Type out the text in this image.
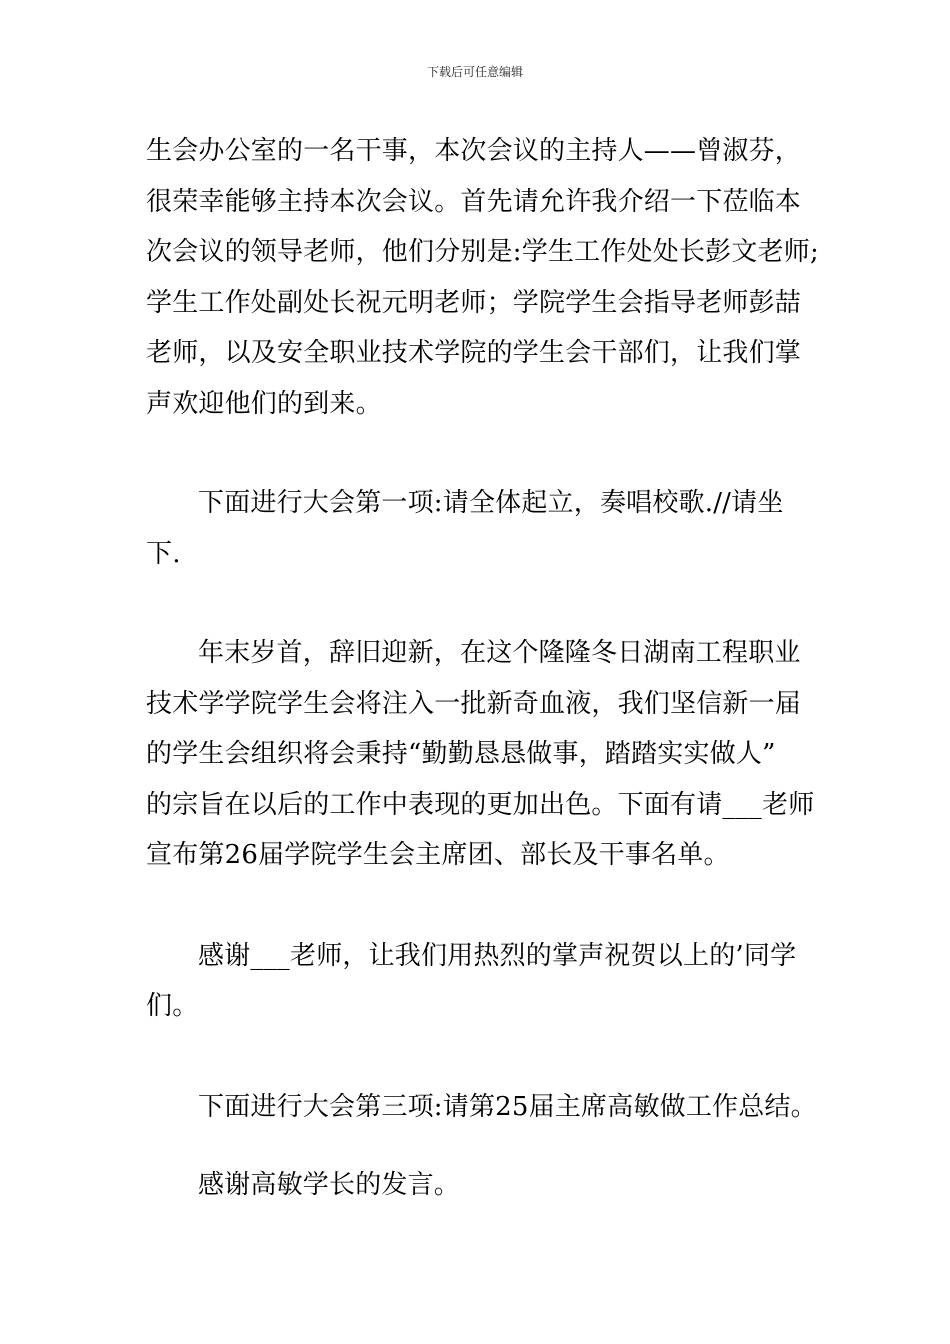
下载后可任意编辑

生会办公室的一名干事，本次会议的主持人——曾淑芬，
很荣幸能够主持本次会议。首先请允许我介绍一下莅临本
次会议的领导老师，他们分别是:学生工作处处长彭文老师;
学生工作处副处长祝元明老师；学院学生会指导老师彭喆
老师，以及安全职业技术学院的学生会干部们，让我们掌
声欢迎他们的到来。

下面进行大会第一项:请全体起立，奏唱校歌.//请坐
下.

年末岁首，辞旧迎新，在这个隆隆冬日湖南工程职业
技术学学院学生会将注入一批新奇血液，我们坚信新一届
的学生会组织将会秉持“勤勤恳恳做事，踏踏实实做人”
的宗旨在以后的工作中表现的更加出色。下面有请___老师
宣布第26届学院学生会主席团、部长及干事名单。

感谢___老师，让我们用热烈的掌声祝贺以上的’同学
们。

下面进行大会第三项:请第25届主席高敏做工作总结。

感谢高敏学长的发言。
